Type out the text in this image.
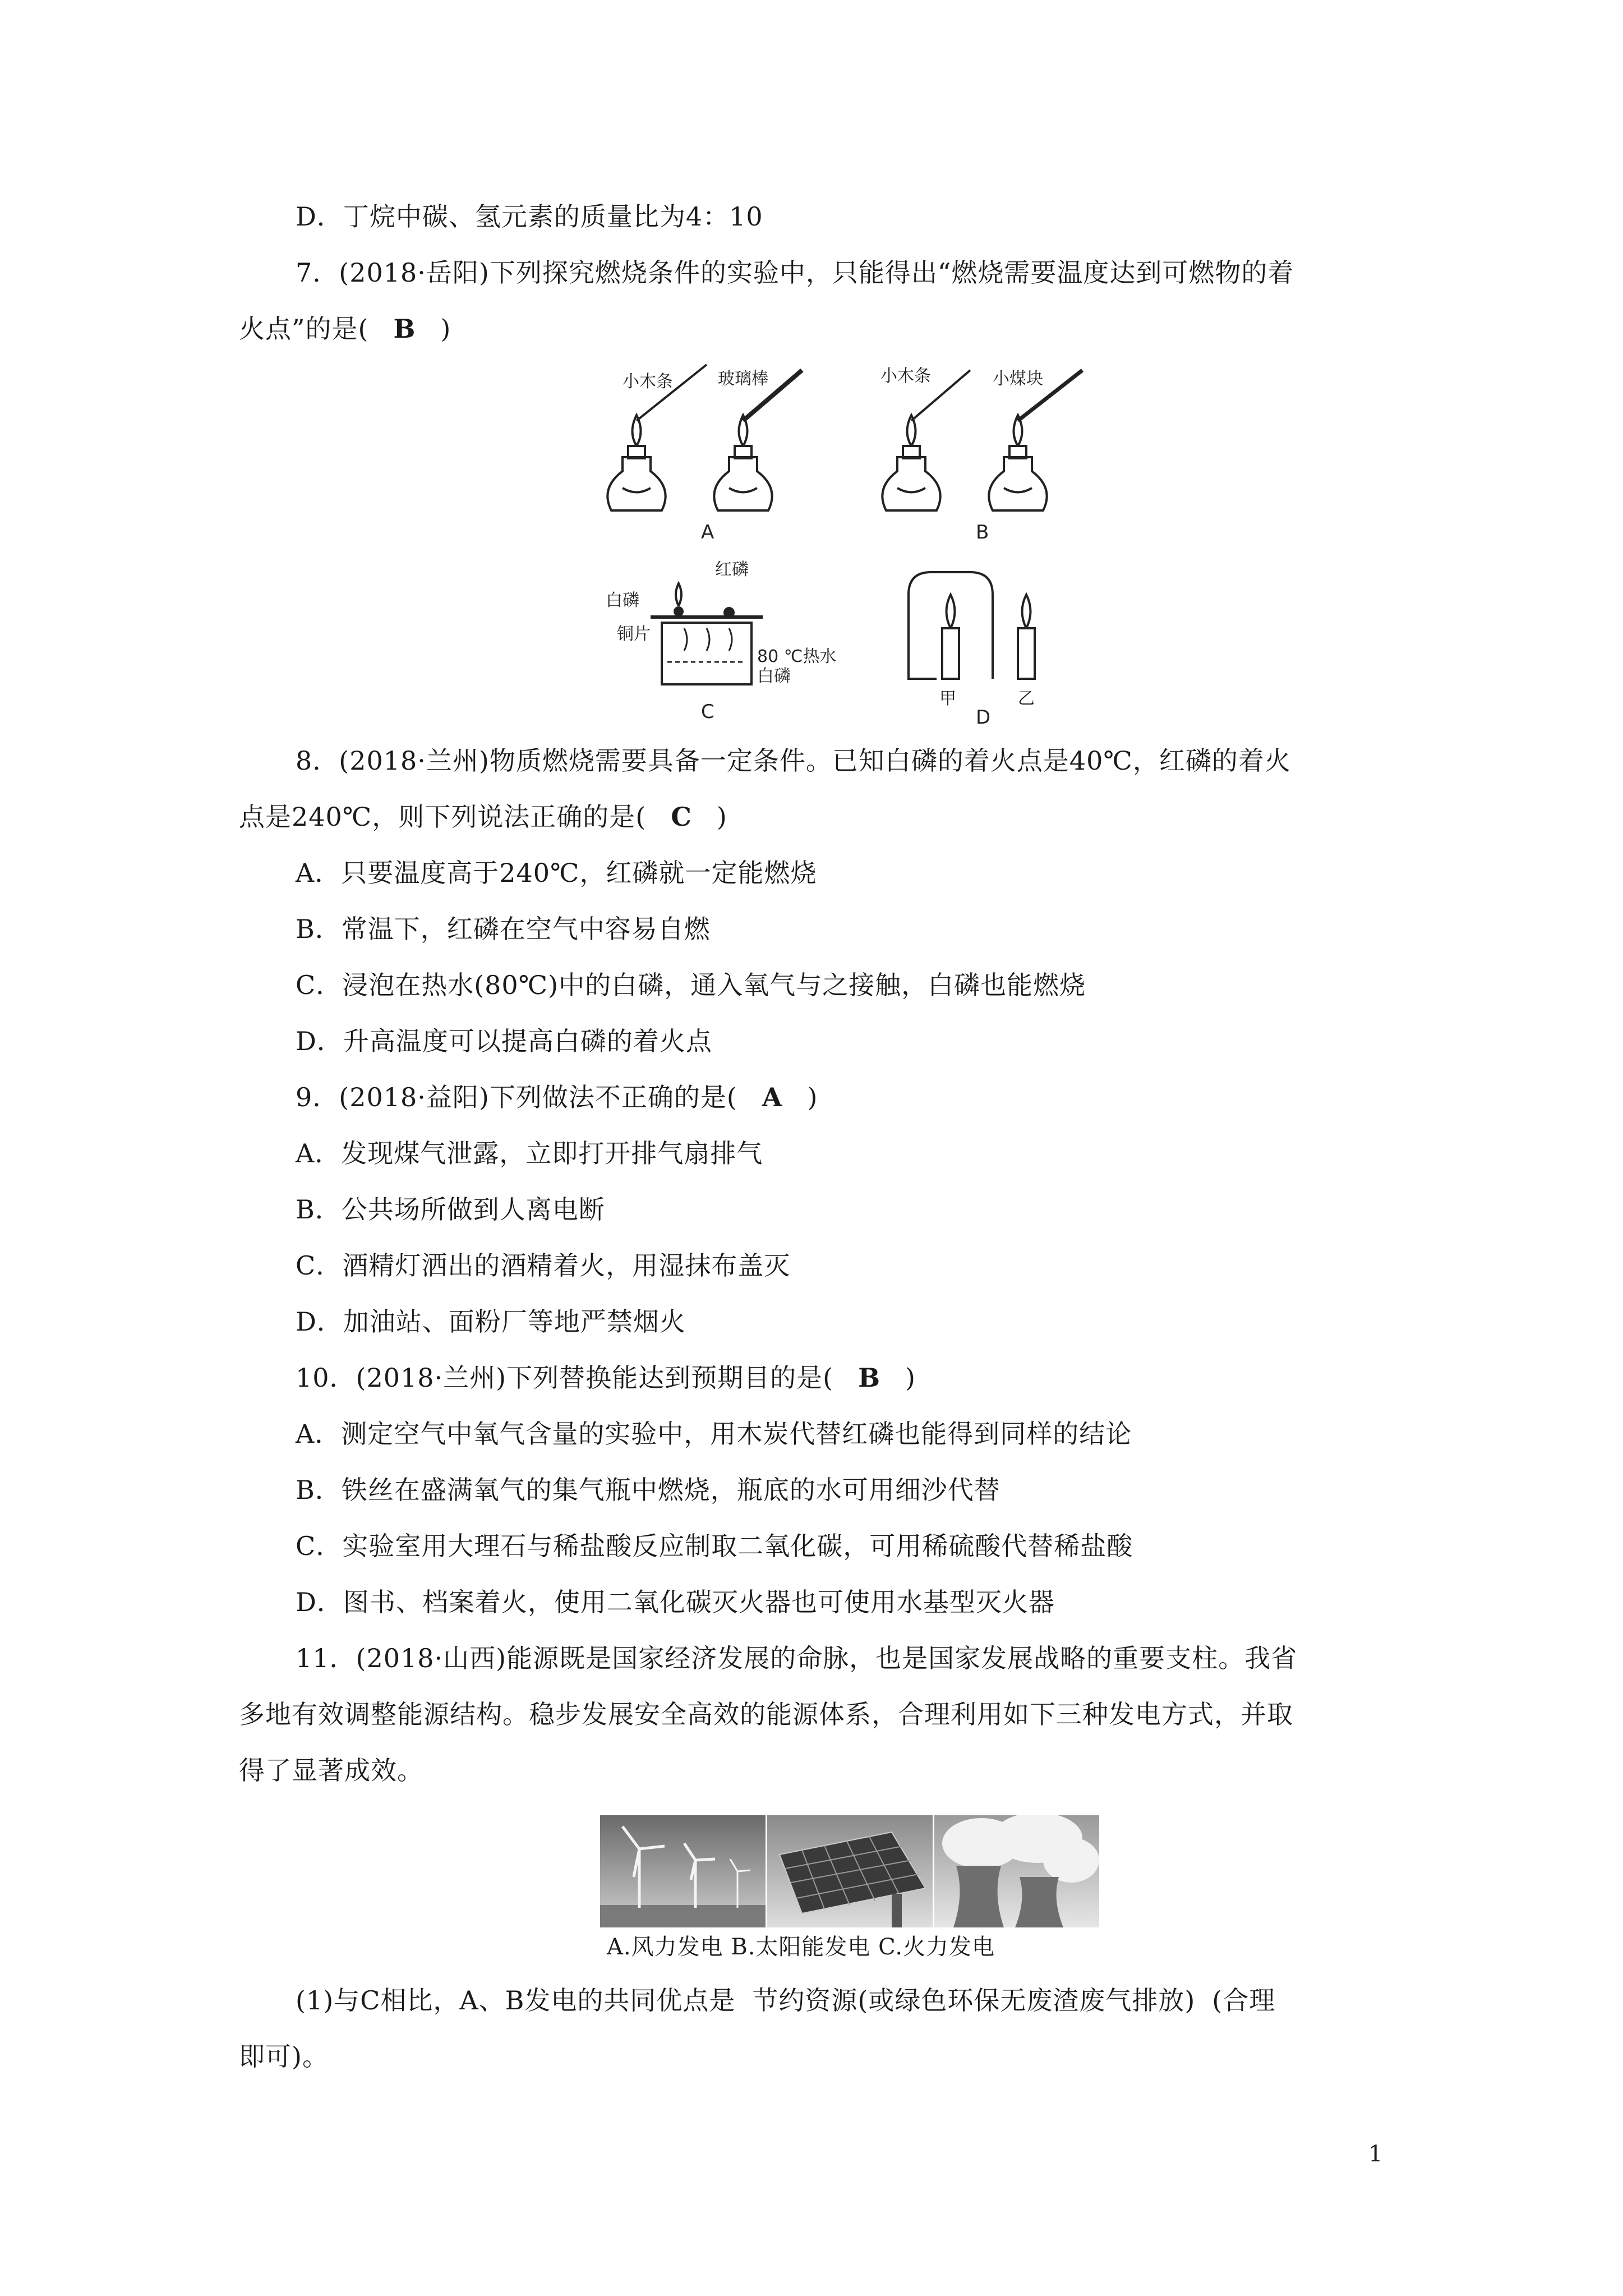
D．丁烷中碳、氢元素的质量比为4：10
7．(2018·岳阳)下列探究燃烧条件的实验中，只能得出“燃烧需要温度达到可燃物的着
火点”的是( B )
小木条	玻璃棒	小木条	小煤块
A	B
红磷
白磷
铜片
80 ℃热水
白磷
C
甲	乙
D
8．(2018·兰州)物质燃烧需要具备一定条件。已知白磷的着火点是40℃，红磷的着火
点是240℃，则下列说法正确的是( C )
A．只要温度高于240℃，红磷就一定能燃烧
B．常温下，红磷在空气中容易自燃
C．浸泡在热水(80℃)中的白磷，通入氧气与之接触，白磷也能燃烧
D．升高温度可以提高白磷的着火点
9．(2018·益阳)下列做法不正确的是( A )
A．发现煤气泄露，立即打开排气扇排气
B．公共场所做到人离电断
C．酒精灯洒出的酒精着火，用湿抹布盖灭
D．加油站、面粉厂等地严禁烟火
10．(2018·兰州)下列替换能达到预期目的是( B )
A．测定空气中氧气含量的实验中，用木炭代替红磷也能得到同样的结论
B．铁丝在盛满氧气的集气瓶中燃烧，瓶底的水可用细沙代替
C．实验室用大理石与稀盐酸反应制取二氧化碳，可用稀硫酸代替稀盐酸
D．图书、档案着火，使用二氧化碳灭火器也可使用水基型灭火器
11．(2018·山西)能源既是国家经济发展的命脉，也是国家发展战略的重要支柱。我省
多地有效调整能源结构。稳步发展安全高效的能源体系，合理利用如下三种发电方式，并取
得了显著成效。
A.风力发电 B.太阳能发电 C.火力发电
(1)与C相比，A、B发电的共同优点是 节约资源(或绿色环保无废渣废气排放) (合理
即可)。
1
